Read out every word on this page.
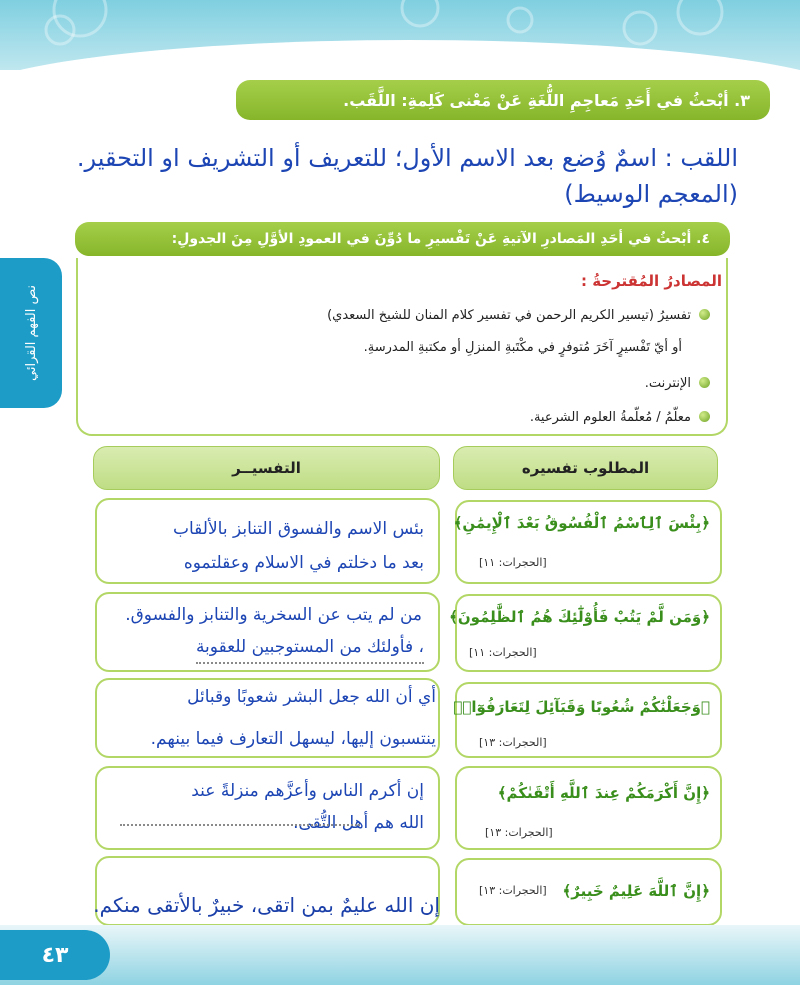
نص الفهم القرائي
٣. أبْحثُ في أَحَدِ مَعاجِمِ اللُّغَةِ عَنْ مَعْنى كَلِمةِ: اللَّقَب.
اللقب : اسمٌ وُضع بعد الاسم الأول؛ للتعريف أو التشريف او التحقير. (المعجم الوسيط)
٤. أبْحثُ في أحَدِ المَصادرِ الآتيةِ عَنْ تَفْسيرِ ما دُوِّنَ في العمودِ الأوَّلِ مِنَ الجدولِ:
المصادرُ المُقترحةُ :
تفسيرُ (تيسير الكريم الرحمن في تفسير كلام المنان للشيخ السعدي)
أو أيّ تَفْسيرٍ آخَرَ مُتوفرٍ في مكْتَبةِ المنزلِ أو مكتبةِ المدرسةِ.
الإنترنت.
معلّمُ / مُعلّمةُ العلوم الشرعية.
المطلوب تفسيره
التفسيــر
﴿بِئْسَ ٱلِٱسْمُ ٱلْفُسُوقُ بَعْدَ ٱلْإِيمَٰنِ﴾
[الحجرات: ١١]
بئس الاسم والفسوق التنابز بالألقاب
بعد ما دخلتم في الاسلام وعقلتموه
﴿وَمَن لَّمْ يَتُبْ فَأُوْلَٰٓئِكَ هُمُ ٱلظَّٰلِمُونَ﴾
[الحجرات: ١١]
من لم يتب عن السخرية والتنابز والفسوق.
، فأولئك من المستوجبين للعقوبة
﴿وَجَعَلْنَٰكُمْ شُعُوبًا وَقَبَآئِلَ لِتَعَارَفُوٓا۟﴾
[الحجرات: ١٣]
أي أن الله جعل البشر شعوبًا وقبائل
ينتسبون إليها، ليسهل التعارف فيما بينهم.
﴿إِنَّ أَكْرَمَكُمْ عِندَ ٱللَّهِ أَتْقَىٰكُمْ﴾
[الحجرات: ١٣]
إن أكرم الناس وأعزَّهم منزلةً عند
الله هم أهل التُّقى.
﴿إِنَّ ٱللَّهَ عَلِيمٌ خَبِيرٌ﴾
[الحجرات: ١٣]
إن الله عليمٌ بمن اتقى، خبيرٌ بالأتقى منكم.
٤٣
